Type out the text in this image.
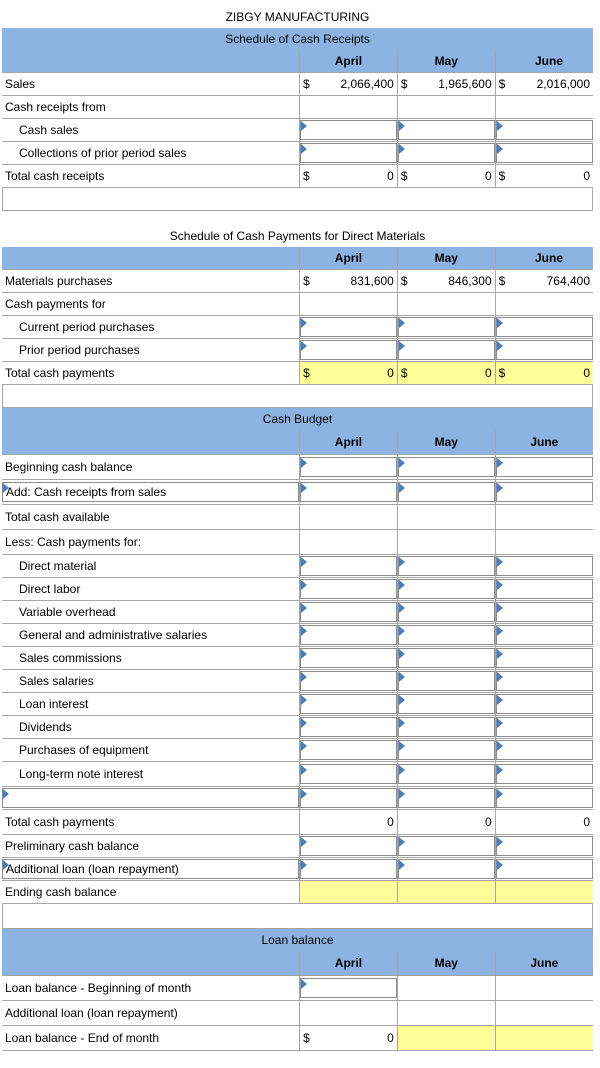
ZIBGY MANUFACTURING			
Schedule of Cash Receipts			
	April	May	June
Sales	$ 2,066,400	$ 1,965,600	$ 2,016,000

Cash receipts from			
Cash sales	

Collections of prior period sales	

Total cash receipts	$ 0	$ 0	$ 0
Schedule of Cash Payments for Direct Materials			
	April	May	June
Materials purchases	$ 831,600	$ 846,300	$ 764,400

Cash payments for			
Current period purchases	

Prior period purchases	

Total cash payments	$ 0	$ 0	$ 0
Cash Budget			
	April	May	June
Beginning cash balance	

Add: Cash receipts from sales			

Total cash available			
Less: Cash payments for:			
Direct material	

Direct labor	

Variable overhead	

General and administrative salaries	

Sales commissions	

Sales salaries	

Loan interest	

Dividends	

Purchases of equipment	

Long-term note interest	

Total cash payments	0	0	0
Preliminary cash balance	

Additional loan (loan repayment)			

Ending cash balance			
Loan balance			
	April	May	June
Loan balance - Beginning of month	

Additional loan (loan repayment)			
Loan balance - End of month	$ 0		
